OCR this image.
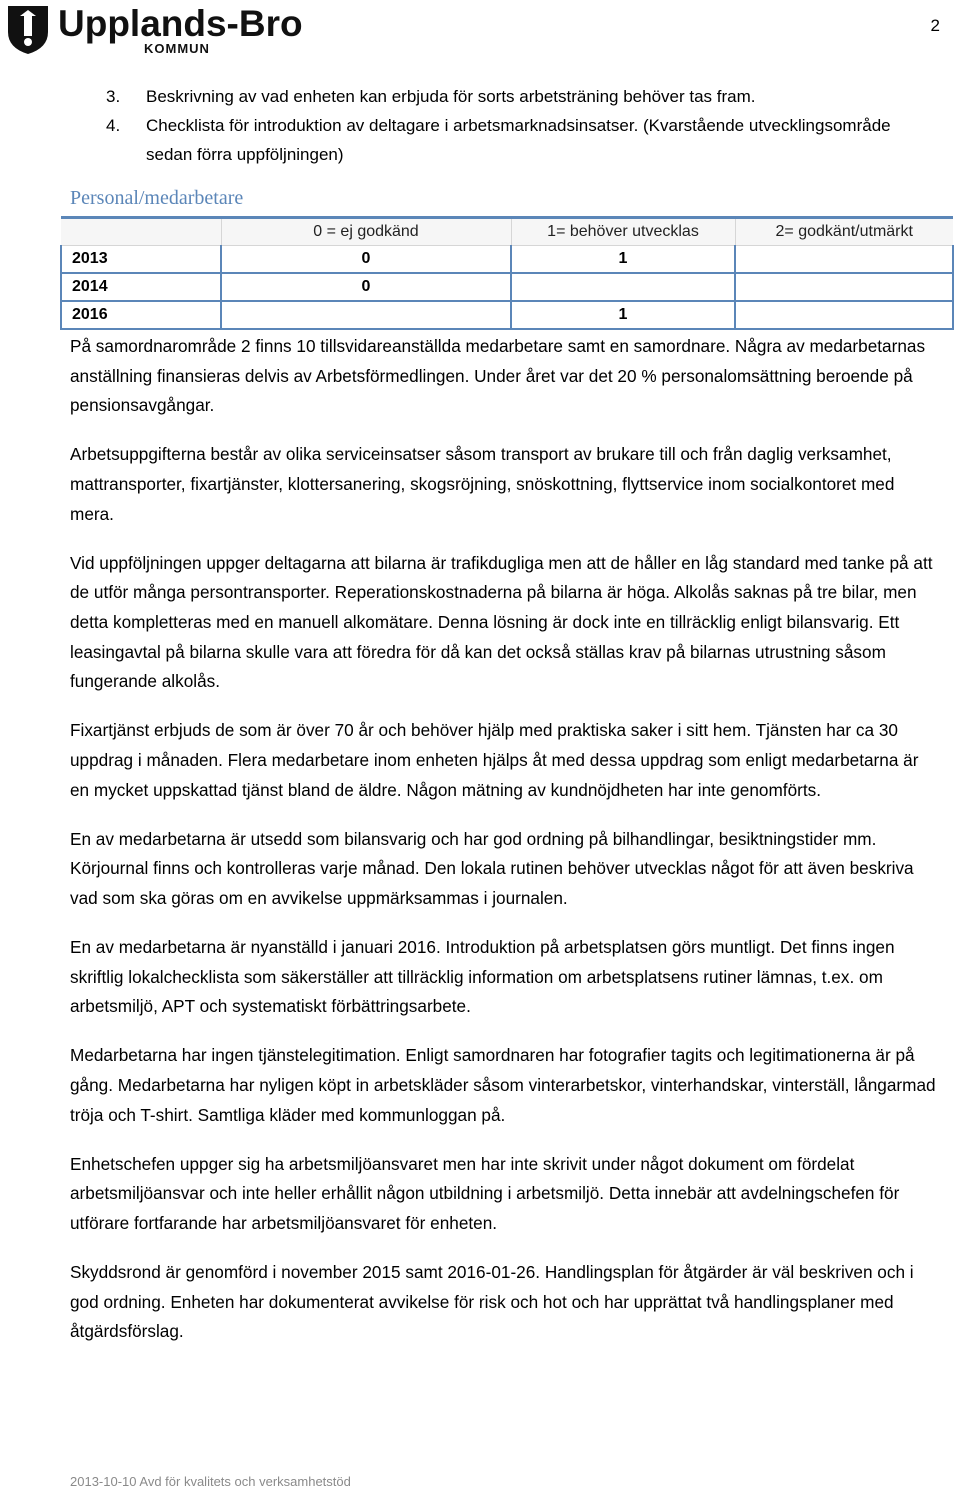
Upplands-Bro
KOMMUN
2
3. Beskrivning av vad enheten kan erbjuda för sorts arbetsträning behöver tas fram.
4. Checklista för introduktion av deltagare i arbetsmarknadsinsatser. (Kvarstående utvecklingsområde sedan förra uppföljningen)
Personal/medarbetare
	0 = ej godkänd	1= behöver utvecklas	2= godkänt/utmärkt
2013	0	1	
2014	0		
2016		1	

På samordnarområde 2 finns 10 tillsvidareanställda medarbetare samt en samordnare. Några av medarbetarnas anställning finansieras delvis av Arbetsförmedlingen. Under året var det 20 % personalomsättning beroende på pensionsavgångar.

Arbetsuppgifterna består av olika serviceinsatser såsom transport av brukare till och från daglig verksamhet, mattransporter, fixartjänster, klottersanering, skogsröjning, snöskottning, flyttservice inom socialkontoret med mera.

Vid uppföljningen uppger deltagarna att bilarna är trafikdugliga men att de håller en låg standard med tanke på att de utför många persontransporter. Reperationskostnaderna på bilarna är höga. Alkolås saknas på tre bilar, men detta kompletteras med en manuell alkomätare. Denna lösning är dock inte en tillräcklig enligt bilansvarig. Ett leasingavtal på bilarna skulle vara att föredra för då kan det också ställas krav på bilarnas utrustning såsom fungerande alkolås.

Fixartjänst erbjuds de som är över 70 år och behöver hjälp med praktiska saker i sitt hem. Tjänsten har ca 30 uppdrag i månaden. Flera medarbetare inom enheten hjälps åt med dessa uppdrag som enligt medarbetarna är en mycket uppskattad tjänst bland de äldre. Någon mätning av kundnöjdheten har inte genomförts.

En av medarbetarna är utsedd som bilansvarig och har god ordning på bilhandlingar, besiktningstider mm. Körjournal finns och kontrolleras varje månad. Den lokala rutinen behöver utvecklas något för att även beskriva vad som ska göras om en avvikelse uppmärksammas i journalen.

En av medarbetarna är nyanställd i januari 2016. Introduktion på arbetsplatsen görs muntligt. Det finns ingen skriftlig lokalchecklista som säkerställer att tillräcklig information om arbetsplatsens rutiner lämnas, t.ex. om arbetsmiljö, APT och systematiskt förbättringsarbete.

Medarbetarna har ingen tjänstelegitimation. Enligt samordnaren har fotografier tagits och legitimationerna är på gång. Medarbetarna har nyligen köpt in arbetskläder såsom vinterarbetskor, vinterhandskar, vinterställ, långarmad tröja och T-shirt. Samtliga kläder med kommunloggan på.

Enhetschefen uppger sig ha arbetsmiljöansvaret men har inte skrivit under något dokument om fördelat arbetsmiljöansvar och inte heller erhållit någon utbildning i arbetsmiljö. Detta innebär att avdelningschefen för utförare fortfarande har arbetsmiljöansvaret för enheten.

Skyddsrond är genomförd i november 2015 samt 2016-01-26. Handlingsplan för åtgärder är väl beskriven och i god ordning. Enheten har dokumenterat avvikelse för risk och hot och har upprättat två handlingsplaner med åtgärdsförslag.

2013-10-10 Avd för kvalitets och verksamhetstöd
